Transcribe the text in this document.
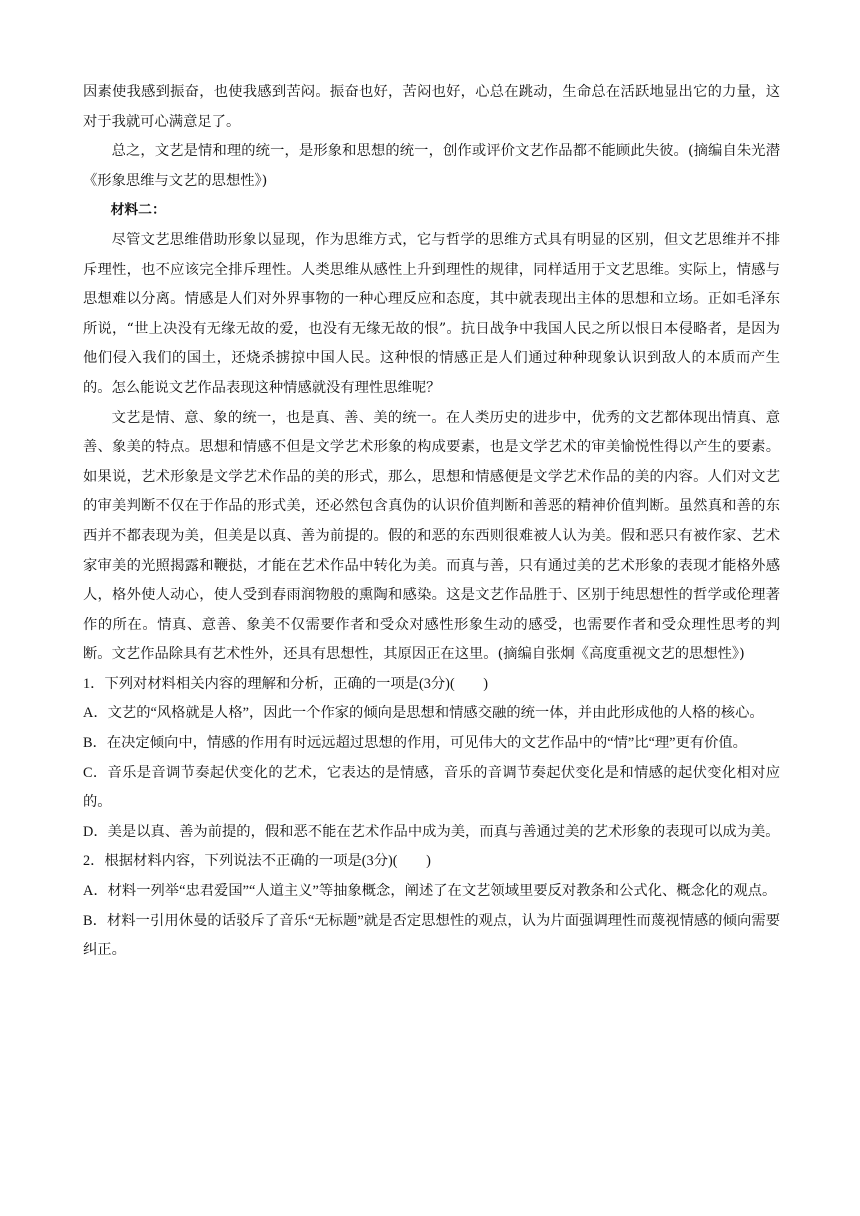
因素使我感到振奋，也使我感到苦闷。振奋也好，苦闷也好，心总在跳动，生命总在活跃地显出它的力量，这对于我就可心满意足了。

总之，文艺是情和理的统一，是形象和思想的统一，创作或评价文艺作品都不能顾此失彼。(摘编自朱光潜《形象思维与文艺的思想性》)

材料二：

尽管文艺思维借助形象以显现，作为思维方式，它与哲学的思维方式具有明显的区别，但文艺思维并不排斥理性，也不应该完全排斥理性。人类思维从感性上升到理性的规律，同样适用于文艺思维。实际上，情感与思想难以分离。情感是人们对外界事物的一种心理反应和态度，其中就表现出主体的思想和立场。正如毛泽东所说，“世上决没有无缘无故的爱，也没有无缘无故的恨”。抗日战争中我国人民之所以恨日本侵略者，是因为他们侵入我们的国土，还烧杀掳掠中国人民。这种恨的情感正是人们通过种种现象认识到敌人的本质而产生的。怎么能说文艺作品表现这种情感就没有理性思维呢？

文艺是情、意、象的统一，也是真、善、美的统一。在人类历史的进步中，优秀的文艺都体现出情真、意善、象美的特点。思想和情感不但是文学艺术形象的构成要素，也是文学艺术的审美愉悦性得以产生的要素。如果说，艺术形象是文学艺术作品的美的形式，那么，思想和情感便是文学艺术作品的美的内容。人们对文艺的审美判断不仅在于作品的形式美，还必然包含真伪的认识价值判断和善恶的精神价值判断。虽然真和善的东西并不都表现为美，但美是以真、善为前提的。假的和恶的东西则很难被人认为美。假和恶只有被作家、艺术家审美的光照揭露和鞭挞，才能在艺术作品中转化为美。而真与善，只有通过美的艺术形象的表现才能格外感人，格外使人动心，使人受到春雨润物般的熏陶和感染。这是文艺作品胜于、区别于纯思想性的哲学或伦理著作的所在。情真、意善、象美不仅需要作者和受众对感性形象生动的感受，也需要作者和受众理性思考的判断。文艺作品除具有艺术性外，还具有思想性，其原因正在这里。(摘编自张炯《高度重视文艺的思想性》)

1．下列对材料相关内容的理解和分析，正确的一项是(3分)(　　)

A．文艺的“风格就是人格”，因此一个作家的倾向是思想和情感交融的统一体，并由此形成他的人格的核心。

B．在决定倾向中，情感的作用有时远远超过思想的作用，可见伟大的文艺作品中的“情”比“理”更有价值。

C．音乐是音调节奏起伏变化的艺术，它表达的是情感，音乐的音调节奏起伏变化是和情感的起伏变化相对应的。

D．美是以真、善为前提的，假和恶不能在艺术作品中成为美，而真与善通过美的艺术形象的表现可以成为美。

2．根据材料内容，下列说法不正确的一项是(3分)(　　)

A．材料一列举“忠君爱国”“人道主义”等抽象概念，阐述了在文艺领域里要反对教条和公式化、概念化的观点。

B．材料一引用休曼的话驳斥了音乐“无标题”就是否定思想性的观点，认为片面强调理性而蔑视情感的倾向需要纠正。
